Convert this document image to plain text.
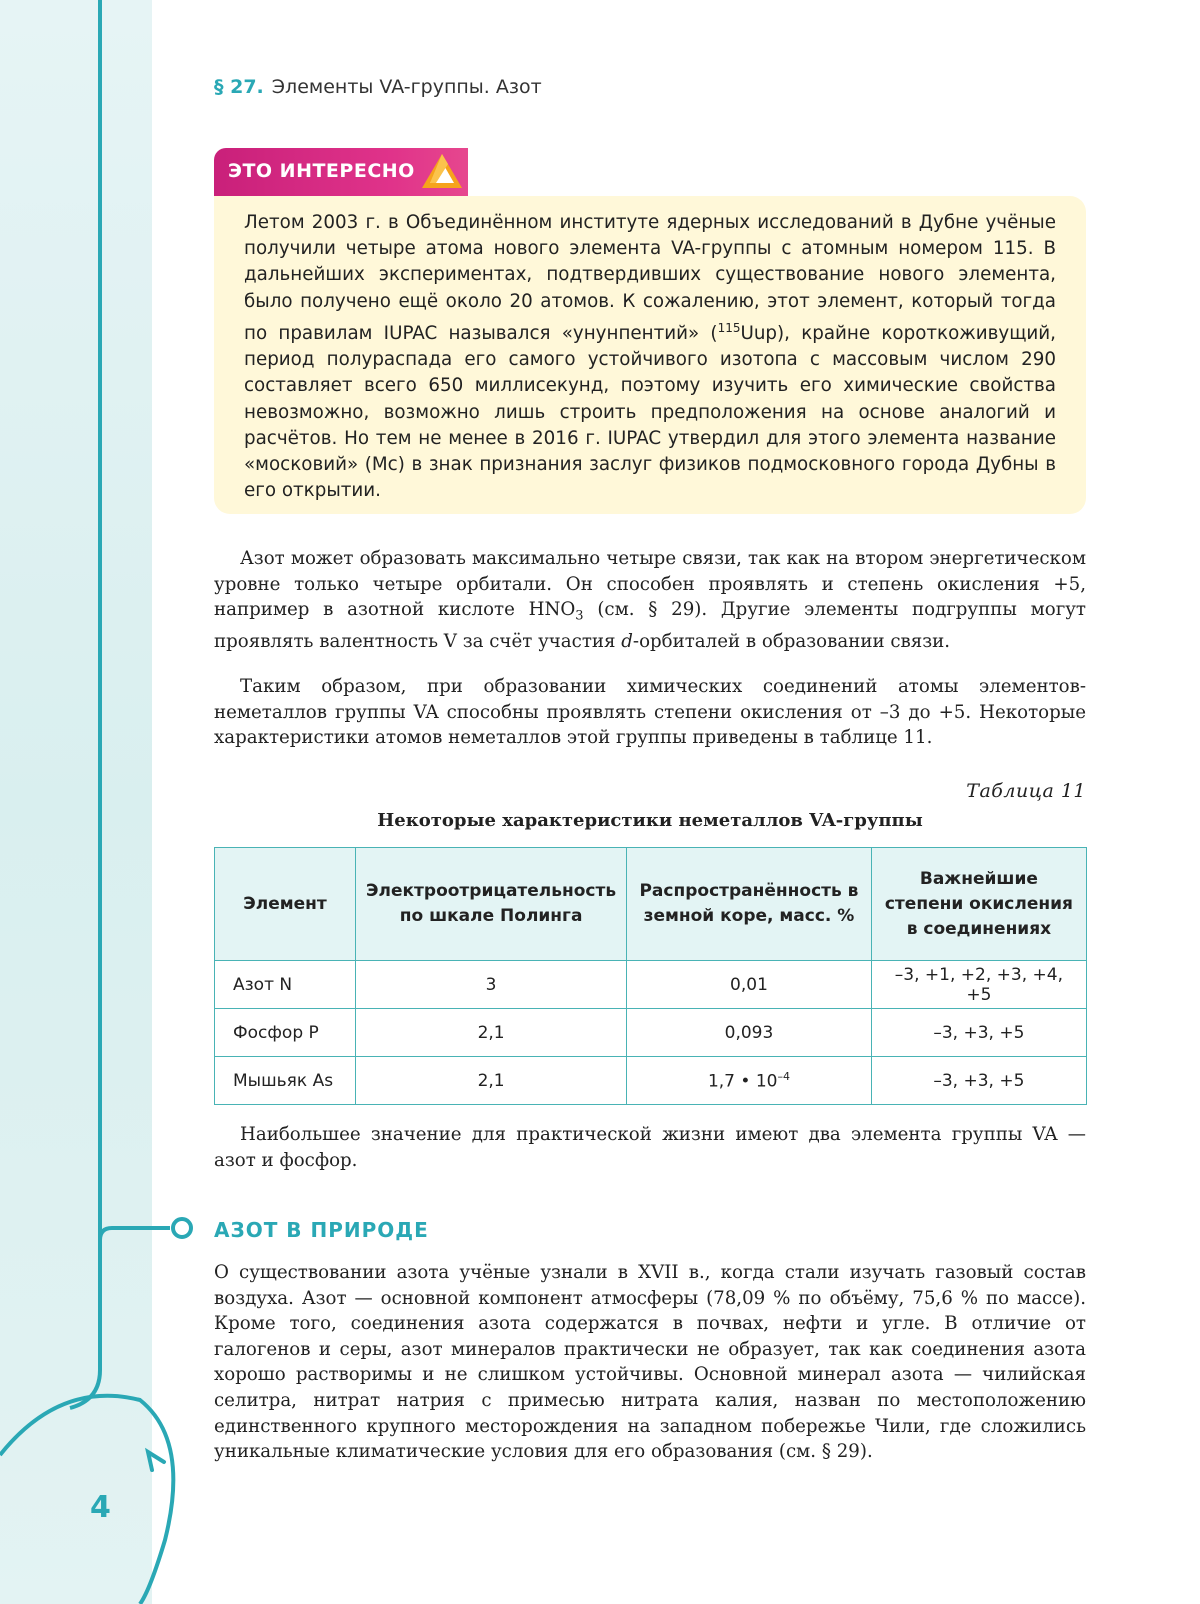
§ 27. Элементы VA-группы. Азот
ЭТО ИНТЕРЕСНО

Летом 2003 г. в Объединённом институте ядерных исследований в Дубне учёные получили четыре атома нового элемента VA-группы с атомным номером 115. В дальнейших экспериментах, подтвердивших существование нового элемента, было получено ещё около 20 атомов. К сожалению, этот элемент, который тогда по правилам IUPAC назывался «унунпентий» ($^{115}$Uup), крайне короткоживущий, период полураспада его самого устойчивого изотопа с массовым числом 290 составляет всего 650 миллисекунд, поэтому изучить его химические свойства невозможно, возможно лишь строить предположения на основе аналогий и расчётов. Но тем не менее в 2016 г. IUPAC утвердил для этого элемента название «московий» (Mc) в знак признания заслуг физиков подмосковного города Дубны в его открытии.

Азот может образовать максимально четыре связи, так как на втором энергетическом уровне только четыре орбитали. Он способен проявлять и степень окисления +5, например в азотной кислоте $HNO_3$ (см. § 29). Другие элементы подгруппы могут проявлять валентность V за счёт участия d-орбиталей в образовании связи.

Таким образом, при образовании химических соединений атомы элементов-неметаллов группы VA способны проявлять степени окисления от –3 до +5. Некоторые характеристики атомов неметаллов этой группы приведены в таблице 11.

Таблица 11
Некоторые характеристики неметаллов VA-группы
Элемент	Электроотрицательность по шкале Полинга	Распространённость в земной коре, масс. %	Важнейшие степени окисления в соединениях
Азот N	3	0,01	–3, +1, +2, +3, +4, +5
Фосфор P	2,1	0,093	–3, +3, +5
Мышьяк As	2,1	1,7 • $10^{-4}$	–3, +3, +5

Наибольшее значение для практической жизни имеют два элемента группы VA — азот и фосфор.

АЗОТ В ПРИРОДЕ

О существовании азота учёные узнали в XVII в., когда стали изучать газовый состав воздуха. Азот — основной компонент атмосферы (78,09 % по объёму, 75,6 % по массе). Кроме того, соединения азота содержатся в почвах, нефти и угле. В отличие от галогенов и серы, азот минералов практически не образует, так как соединения азота хорошо растворимы и не слишком устойчивы. Основной минерал азота — чилийская селитра, нитрат натрия с примесью нитрата калия, назван по местоположению единственного крупного месторождения на западном побережье Чили, где сложились уникальные климатические условия для его образования (см. § 29).

4
